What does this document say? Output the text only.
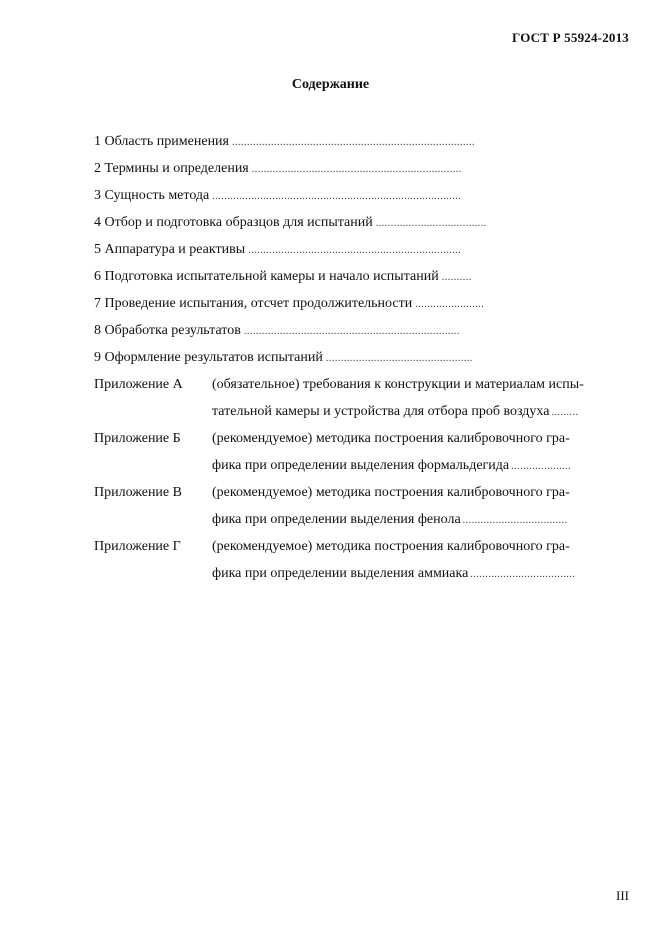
ГОСТ Р 55924-2013
Содержание
1 Область применения .................................................................................
2 Термины и определения ......................................................................
3 Сущность метода ...................................................................................
4 Отбор и подготовка образцов для испытаний .....................................
5 Аппаратура и реактивы .......................................................................
6 Подготовка испытательной камеры и начало испытаний ..........
7 Проведение испытания, отсчет продолжительности .......................
8 Обработка результатов ........................................................................
9 Оформление результатов испытаний .................................................
Приложение А	(обязательное) требования к конструкции и материалам испы-
тательной камеры и устройства для отбора проб воздуха .........
Приложение Б	(рекомендуемое) методика построения калибровочного гра-
фика при определении выделения формальдегида ....................
Приложение В	(рекомендуемое) методика построения калибровочного гра-
фика при определении выделения фенола ...................................
Приложение Г	(рекомендуемое) методика построения калибровочного гра-
фика при определении выделения аммиака ...................................
III
